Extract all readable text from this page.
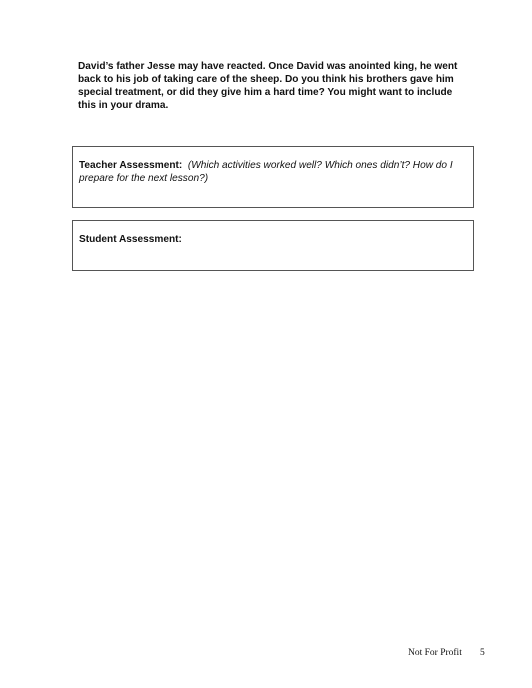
David’s father Jesse may have reacted. Once David was anointed king, he went
back to his job of taking care of the sheep. Do you think his brothers gave him
special treatment, or did they give him a hard time? You might want to include
this in your drama.
Teacher Assessment: (Which activities worked well? Which ones didn’t? How do I
prepare for the next lesson?)
Student Assessment:
Not For Profit 5
